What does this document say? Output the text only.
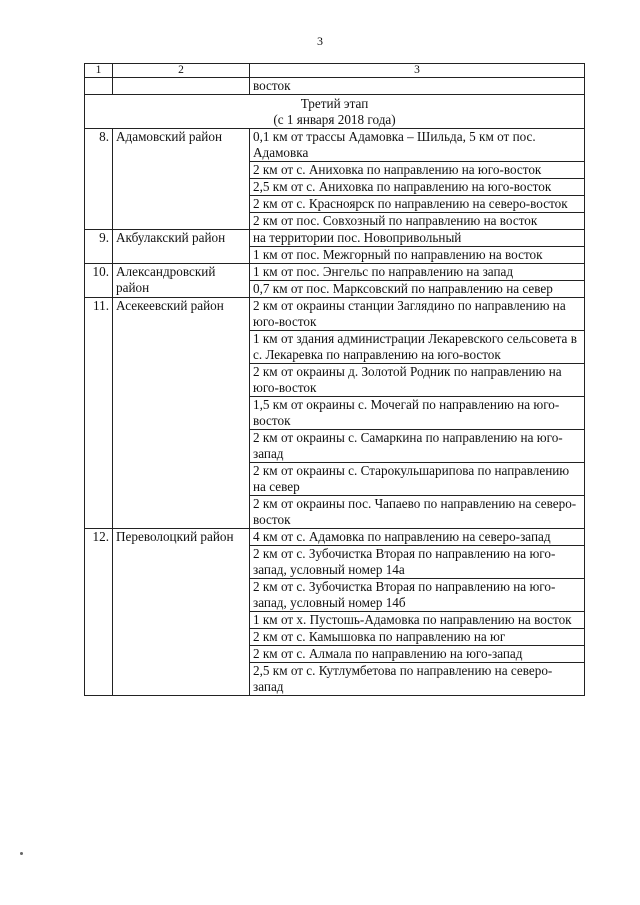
3
1	2	3
		восток

Третий этап
(с 1 января 2018 года)		

8.	Адамовский район	0,1 км от трассы Адамовка – Шильда, 5 км от пос. Адамовка
		2 км от с. Аниховка по направлению на юго-восток
		2,5 км от с. Аниховка по направлению на юго-восток
		2 км от с. Красноярск по направлению на северо-восток
		2 км от пос. Совхозный по направлению на восток
9.	Акбулакский район	на территории пос. Новопривольный
		1 км от пос. Межгорный по направлению на восток
10.	Александровский район	1 км от пос. Энгельс по направлению на запад
		0,7 км от пос. Марксовский по направлению на север
11.	Асекеевский район	2 км от окраины станции Заглядино по направлению на юго-восток
		1 км от здания администрации Лекаревского сельсовета в с. Лекаревка по направлению на юго-восток
		2 км от окраины д. Золотой Родник по направлению на юго-восток
		1,5 км от окраины с. Мочегай по направлению на юго-восток
		2 км от окраины с. Самаркина по направлению на юго-запад
		2 км от окраины с. Старокульшарипова по направлению на север
		2 км от окраины пос. Чапаево по направлению на северо-восток
12.	Переволоцкий район	4 км от с. Адамовка по направлению на северо-запад
		2 км от с. Зубочистка Вторая по направлению на юго-запад, условный номер 14а
		2 км от с. Зубочистка Вторая по направлению на юго-запад, условный номер 14б
		1 км от х. Пустошь-Адамовка по направлению на восток
		2 км от с. Камышовка по направлению на юг
		2 км от с. Алмала по направлению на юго-запад
		2,5 км от с. Кутлумбетова по направлению на северо-запад
